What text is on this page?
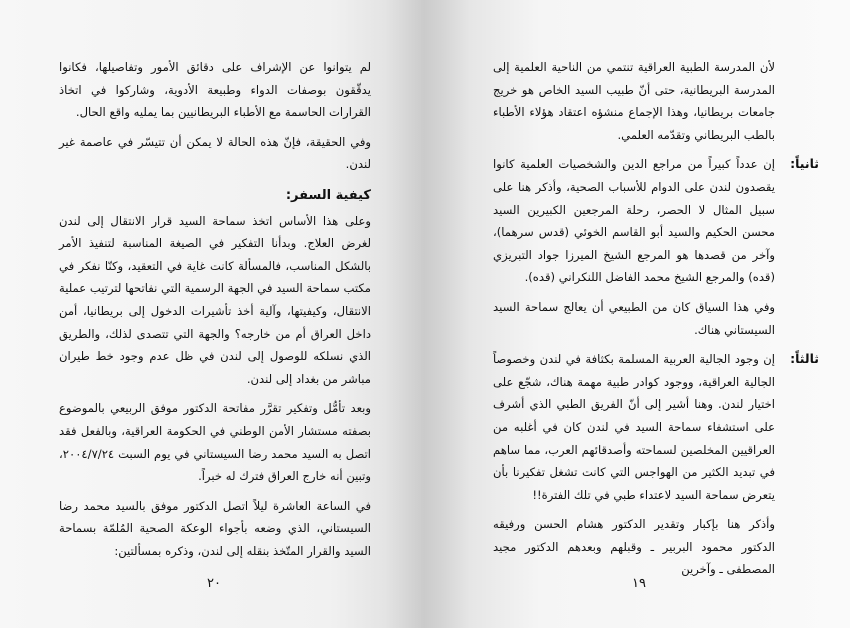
لأن المدرسة الطبية العراقية تنتمي من الناحية العلمية إلى المدرسة البريطانية، حتى أنّ طبيب السيد الخاص هو خريج جامعات بريطانيا، وهذا الإجماع منشؤه اعتقاد هؤلاء الأطباء بالطب البريطاني وتقدّمه العلمي.

ثانياً:

إن عدداً كبيراً من مراجع الدين والشخصيات العلمية كانوا يقصدون لندن على الدوام للأسباب الصحية، وأذكر هنا على سبيل المثال لا الحصر، رحلة المرجعين الكبيرين السيد محسن الحكيم والسيد أبو القاسم الخوئي (قدس سرهما)، وآخر من قصدها هو المرجع الشيخ الميرزا جواد التبريزي (قده) والمرجع الشيخ محمد الفاضل اللنكراني (قده).

وفي هذا السياق كان من الطبيعي أن يعالج سماحة السيد السيستاني هناك.

ثالثاً:

إن وجود الجالية العربية المسلمة بكثافة في لندن وخصوصاً الجالية العراقية، ووجود كوادر طبية مهمة هناك، شجّع على اختيار لندن. وهنا أشير إلى أنّ الفريق الطبي الذي أشرف على استشفاء سماحة السيد في لندن كان في أغلبه من العراقيين المخلصين لسماحته وأصدقائهم العرب، مما ساهم في تبديد الكثير من الهواجس التي كانت تشغل تفكيرنا بأن يتعرض سماحة السيد لاعتداء طبي في تلك الفترة!!

وأذكر هنا بإكبار وتقدير الدكتور هشام الحسن ورفيقه الدكتور محمود البربير ـ وقبلهم وبعدهم الدكتور مجيد المصطفى ـ وآخرين

لم يتوانوا عن الإشراف على دقائق الأمور وتفاصيلها، فكانوا يدقّقون بوصفات الدواء وطبيعة الأدوية، وشاركوا في اتخاذ القرارات الحاسمة مع الأطباء البريطانيين بما يمليه واقع الحال.

وفي الحقيقة، فإنّ هذه الحالة لا يمكن أن تتيسّر في عاصمة غير لندن.

كيفية السفر:

وعلى هذا الأساس اتخذ سماحة السيد قرار الانتقال إلى لندن لغرض العلاج. وبدأنا التفكير في الصيغة المناسبة لتنفيذ الأمر بالشكل المناسب، فالمسألة كانت غاية في التعقيد، وكنّا نفكر في مكتب سماحة السيد في الجهة الرسمية التي نفاتحها لترتيب عملية الانتقال، وكيفيتها، وآلية أخذ تأشيرات الدخول إلى بريطانيا، أمن داخل العراق أم من خارجه؟ والجهة التي تتصدى لذلك، والطريق الذي نسلكه للوصول إلى لندن في ظل عدم وجود خط طيران مباشر من بغداد إلى لندن.

وبعد تأمُّل وتفكير تقرَّر مفاتحة الدكتور موفق الربيعي بالموضوع بصفته مستشار الأمن الوطني في الحكومة العراقية، وبالفعل فقد اتصل به السيد محمد رضا السيستاني في يوم السبت ٢٠٠٤/٧/٢٤، وتبين أنه خارج العراق فترك له خبراً.

في الساعة العاشرة ليلاً اتصل الدكتور موفق بالسيد محمد رضا السيستاني، الذي وضعه بأجواء الوعكة الصحية المُلمّة بسماحة السيد والقرار المتّخذ بنقله إلى لندن، وذكره بمسألتين:

١٩
٢٠
